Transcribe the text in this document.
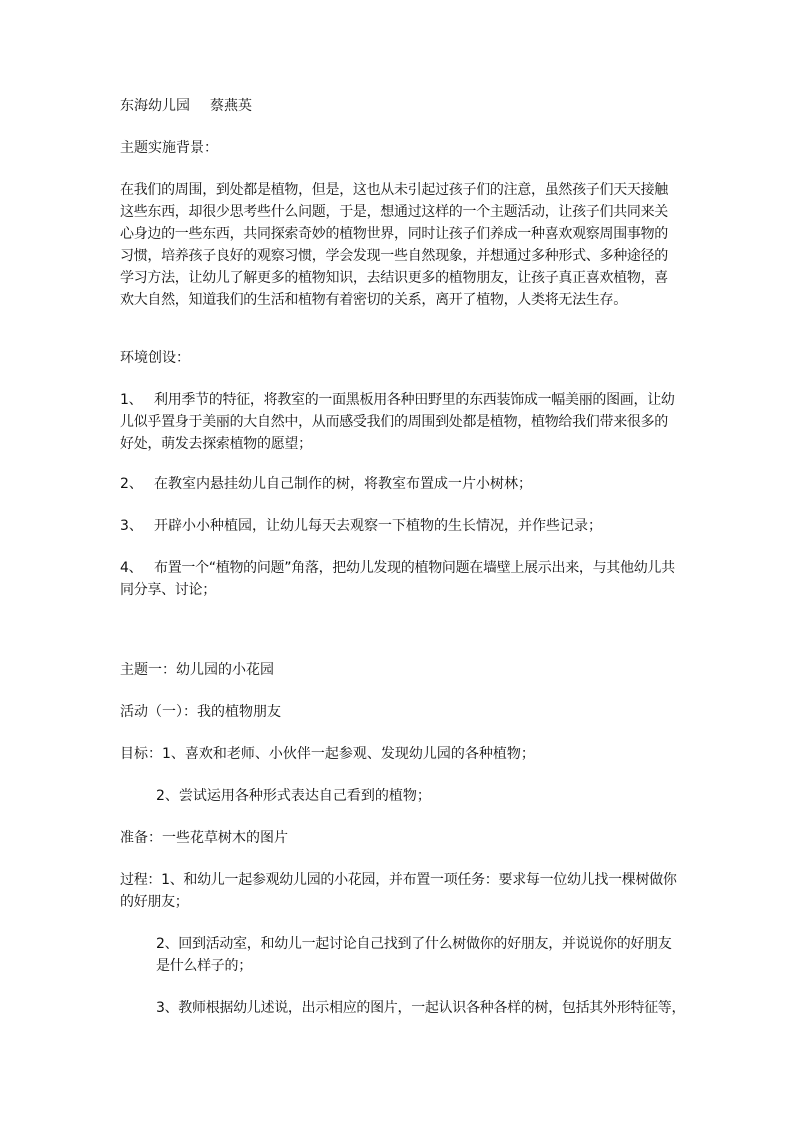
东海幼儿园 蔡燕英

主题实施背景：

在我们的周围，到处都是植物，但是，这也从未引起过孩子们的注意，虽然孩子们天天接触这些东西，却很少思考些什么问题，于是，想通过这样的一个主题活动，让孩子们共同来关心身边的一些东西，共同探索奇妙的植物世界，同时让孩子们养成一种喜欢观察周围事物的习惯，培养孩子良好的观察习惯，学会发现一些自然现象，并想通过多种形式、多种途径的学习方法，让幼儿了解更多的植物知识，去结识更多的植物朋友，让孩子真正喜欢植物，喜欢大自然，知道我们的生活和植物有着密切的关系，离开了植物，人类将无法生存。

环境创设：

1、 利用季节的特征，将教室的一面黑板用各种田野里的东西装饰成一幅美丽的图画，让幼儿似乎置身于美丽的大自然中，从而感受我们的周围到处都是植物，植物给我们带来很多的好处，萌发去探索植物的愿望；

2、 在教室内悬挂幼儿自己制作的树，将教室布置成一片小树林；

3、 开辟小小种植园，让幼儿每天去观察一下植物的生长情况，并作些记录；

4、 布置一个“植物的问题”角落，把幼儿发现的植物问题在墙壁上展示出来，与其他幼儿共同分享、讨论；

主题一：幼儿园的小花园

活动（一）：我的植物朋友

目标：1、喜欢和老师、小伙伴一起参观、发现幼儿园的各种植物；

2、尝试运用各种形式表达自己看到的植物；

准备：一些花草树木的图片

过程：1、和幼儿一起参观幼儿园的小花园，并布置一项任务：要求每一位幼儿找一棵树做你的好朋友；

2、回到活动室，和幼儿一起讨论自己找到了什么树做你的好朋友，并说说你的好朋友是什么样子的；

3、教师根据幼儿述说，出示相应的图片，一起认识各种各样的树，包括其外形特征等，
